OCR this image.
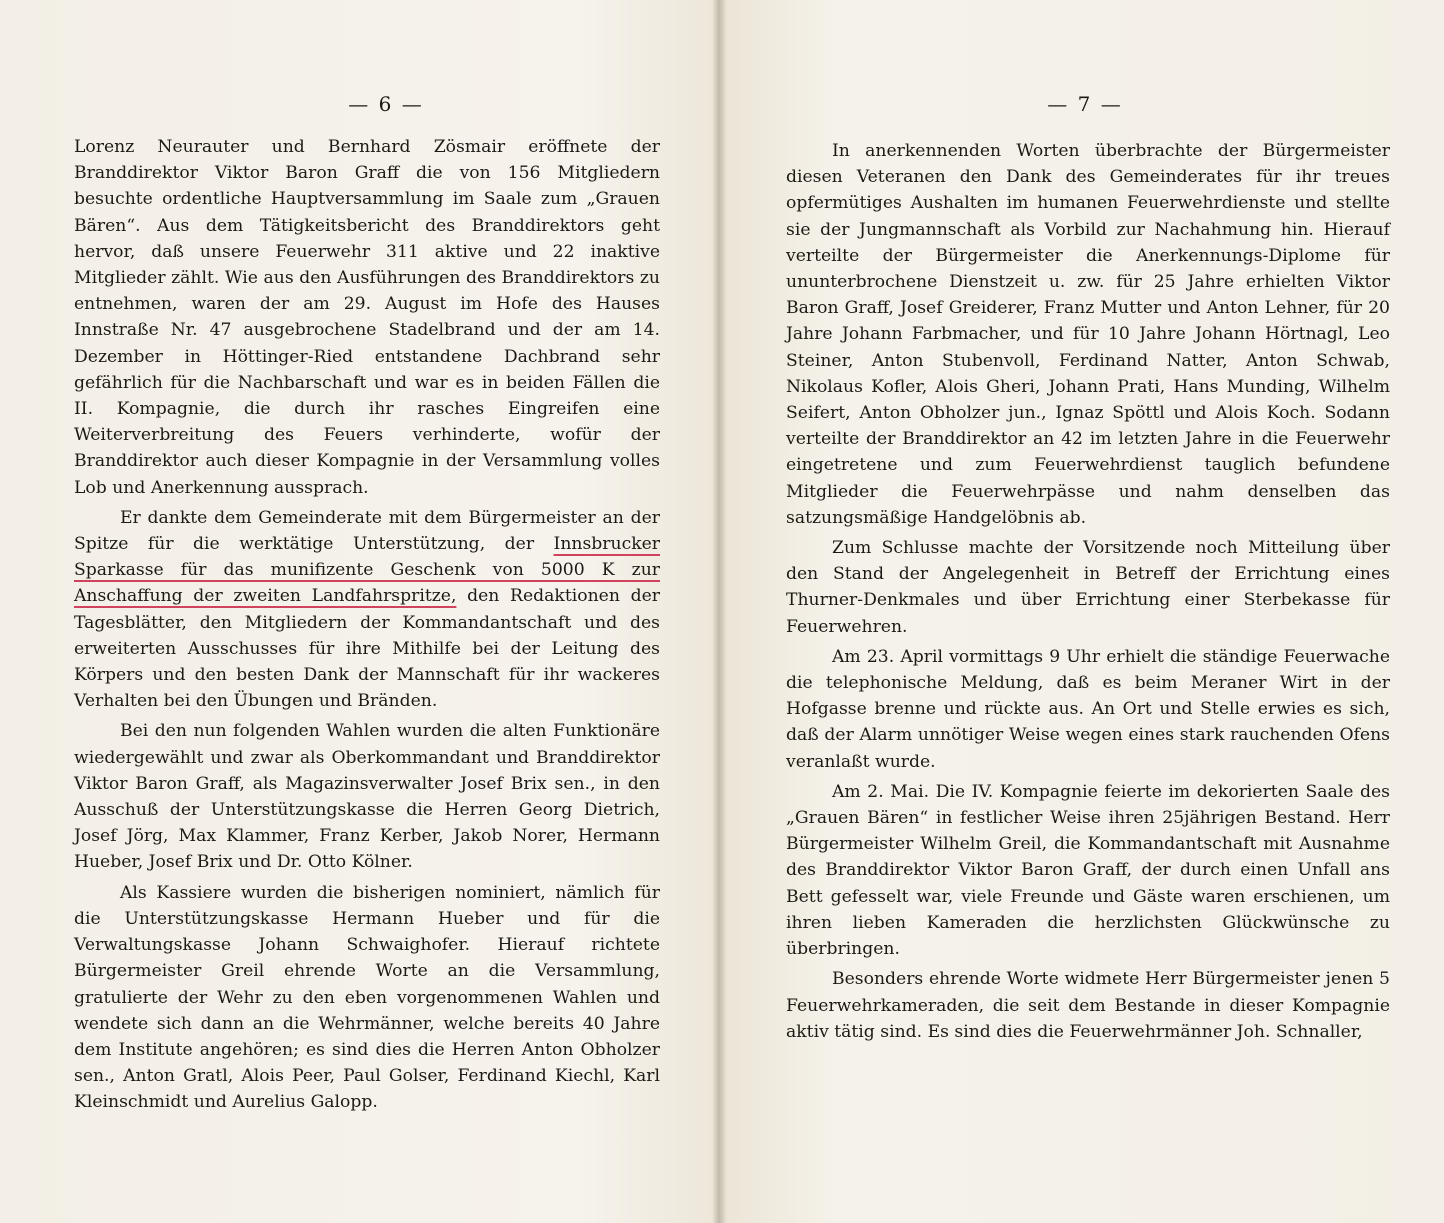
— 6 —

Lorenz Neurauter und Bernhard Zösmair eröffnete der Branddirektor Viktor Baron Graff die von 156 Mitgliedern besuchte ordentliche Hauptversammlung im Saale zum „Grauen Bären“. Aus dem Tätigkeitsbericht des Branddirektors geht hervor, daß unsere Feuerwehr 311 aktive und 22 inaktive Mitglieder zählt. Wie aus den Ausführungen des Branddirektors zu entnehmen, waren der am 29. August im Hofe des Hauses Innstraße Nr. 47 ausgebrochene Stadelbrand und der am 14. Dezember in Höttinger-Ried entstandene Dachbrand sehr gefährlich für die Nachbarschaft und war es in beiden Fällen die II. Kompagnie, die durch ihr rasches Eingreifen eine Weiterverbreitung des Feuers verhinderte, wofür der Branddirektor auch dieser Kompagnie in der Versammlung volles Lob und Anerkennung aussprach.

Er dankte dem Gemeinderate mit dem Bürgermeister an der Spitze für die werktätige Unterstützung, der Innsbrucker Sparkasse für das munifizente Geschenk von 5000 K zur Anschaffung der zweiten Landfahrspritze, den Redaktionen der Tagesblätter, den Mitgliedern der Kommandantschaft und des erweiterten Ausschusses für ihre Mithilfe bei der Leitung des Körpers und den besten Dank der Mannschaft für ihr wackeres Verhalten bei den Übungen und Bränden.

Bei den nun folgenden Wahlen wurden die alten Funktionäre wiedergewählt und zwar als Oberkommandant und Branddirektor Viktor Baron Graff, als Magazinsverwalter Josef Brix sen., in den Ausschuß der Unterstützungskasse die Herren Georg Dietrich, Josef Jörg, Max Klammer, Franz Kerber, Jakob Norer, Hermann Hueber, Josef Brix und Dr. Otto Kölner.

Als Kassiere wurden die bisherigen nominiert, nämlich für die Unterstützungskasse Hermann Hueber und für die Verwaltungskasse Johann Schwaighofer. Hierauf richtete Bürgermeister Greil ehrende Worte an die Versammlung, gratulierte der Wehr zu den eben vorgenommenen Wahlen und wendete sich dann an die Wehrmänner, welche bereits 40 Jahre dem Institute angehören; es sind dies die Herren Anton Obholzer sen., Anton Gratl, Alois Peer, Paul Golser, Ferdinand Kiechl, Karl Kleinschmidt und Aurelius Galopp.

— 7 —

In anerkennenden Worten überbrachte der Bürgermeister diesen Veteranen den Dank des Gemeinderates für ihr treues opfermütiges Aushalten im humanen Feuerwehrdienste und stellte sie der Jungmannschaft als Vorbild zur Nachahmung hin. Hierauf verteilte der Bürgermeister die Anerkennungs-Diplome für ununterbrochene Dienstzeit u. zw. für 25 Jahre erhielten Viktor Baron Graff, Josef Greiderer, Franz Mutter und Anton Lehner, für 20 Jahre Johann Farbmacher, und für 10 Jahre Johann Hörtnagl, Leo Steiner, Anton Stubenvoll, Ferdinand Natter, Anton Schwab, Nikolaus Kofler, Alois Gheri, Johann Prati, Hans Munding, Wilhelm Seifert, Anton Obholzer jun., Ignaz Spöttl und Alois Koch. Sodann verteilte der Branddirektor an 42 im letzten Jahre in die Feuerwehr eingetretene und zum Feuerwehrdienst tauglich befundene Mitglieder die Feuerwehrpässe und nahm denselben das satzungsmäßige Handgelöbnis ab.

Zum Schlusse machte der Vorsitzende noch Mitteilung über den Stand der Angelegenheit in Betreff der Errichtung eines Thurner-Denkmales und über Errichtung einer Sterbekasse für Feuerwehren.

Am 23. April vormittags 9 Uhr erhielt die ständige Feuerwache die telephonische Meldung, daß es beim Meraner Wirt in der Hofgasse brenne und rückte aus. An Ort und Stelle erwies es sich, daß der Alarm unnötiger Weise wegen eines stark rauchenden Ofens veranlaßt wurde.

Am 2. Mai. Die IV. Kompagnie feierte im dekorierten Saale des „Grauen Bären“ in festlicher Weise ihren 25jährigen Bestand. Herr Bürgermeister Wilhelm Greil, die Kommandantschaft mit Ausnahme des Branddirektor Viktor Baron Graff, der durch einen Unfall ans Bett gefesselt war, viele Freunde und Gäste waren erschienen, um ihren lieben Kameraden die herzlichsten Glückwünsche zu überbringen.

Besonders ehrende Worte widmete Herr Bürgermeister jenen 5 Feuerwehrkameraden, die seit dem Bestande in dieser Kompagnie aktiv tätig sind. Es sind dies die Feuerwehrmänner Joh. Schnaller,
